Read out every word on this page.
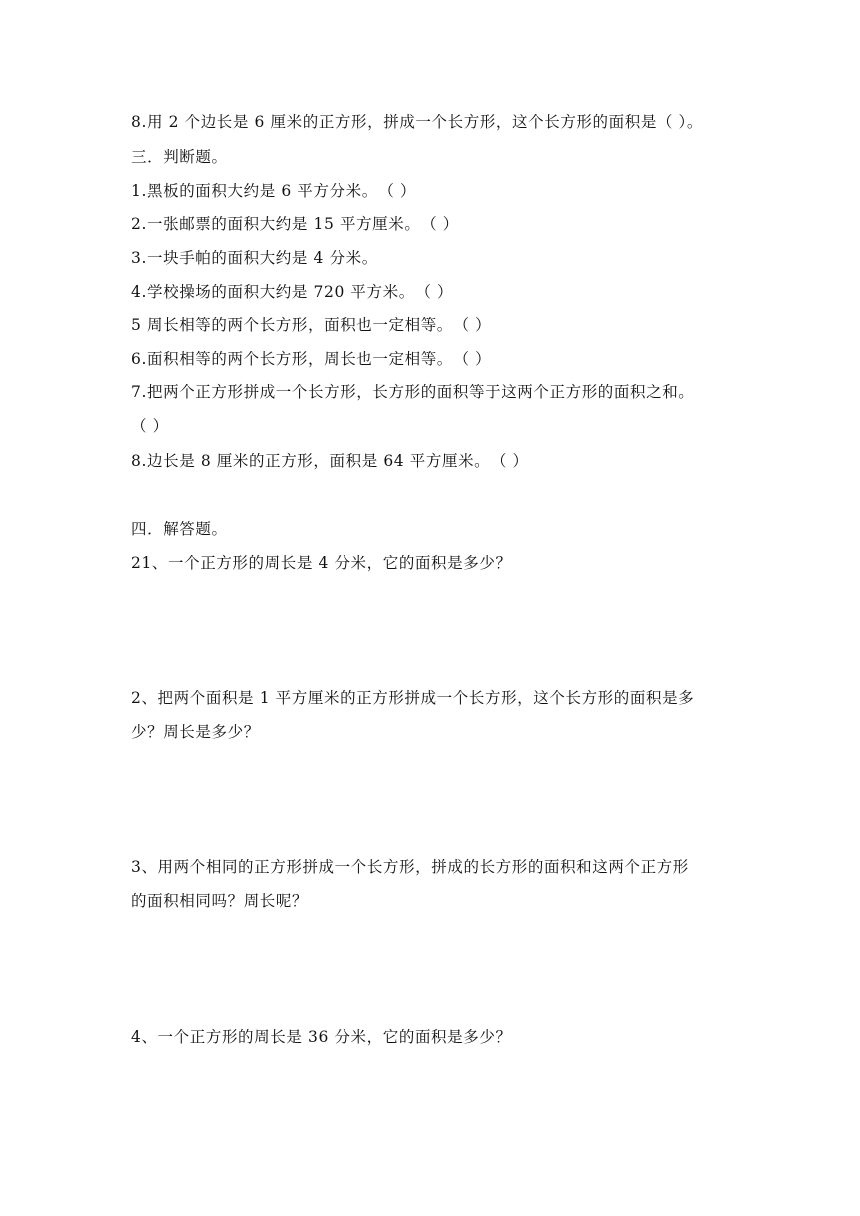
8.用 2 个边长是 6 厘米的正方形，拼成一个长方形，这个长方形的面积是（ ）。
三．判断题。
1.黑板的面积大约是 6 平方分米。　（ ）
2.一张邮票的面积大约是 15 平方厘米。　（ ）
3.一块手帕的面积大约是 4 分米。
4.学校操场的面积大约是 720 平方米。　（ ）
5 周长相等的两个长方形，面积也一定相等。　（ ）
6.面积相等的两个长方形，周长也一定相等。　（ ）
7.把两个正方形拼成一个长方形，长方形的面积等于这两个正方形的面积之和。
（ ）
8.边长是 8 厘米的正方形，面积是 64 平方厘米。　（ ）
四．解答题。
21、一个正方形的周长是 4 分米，它的面积是多少？
2、把两个面积是 1 平方厘米的正方形拼成一个长方形，这个长方形的面积是多
少？周长是多少？
3、用两个相同的正方形拼成一个长方形，拼成的长方形的面积和这两个正方形
的面积相同吗？周长呢？
4、一个正方形的周长是 36 分米，它的面积是多少？
